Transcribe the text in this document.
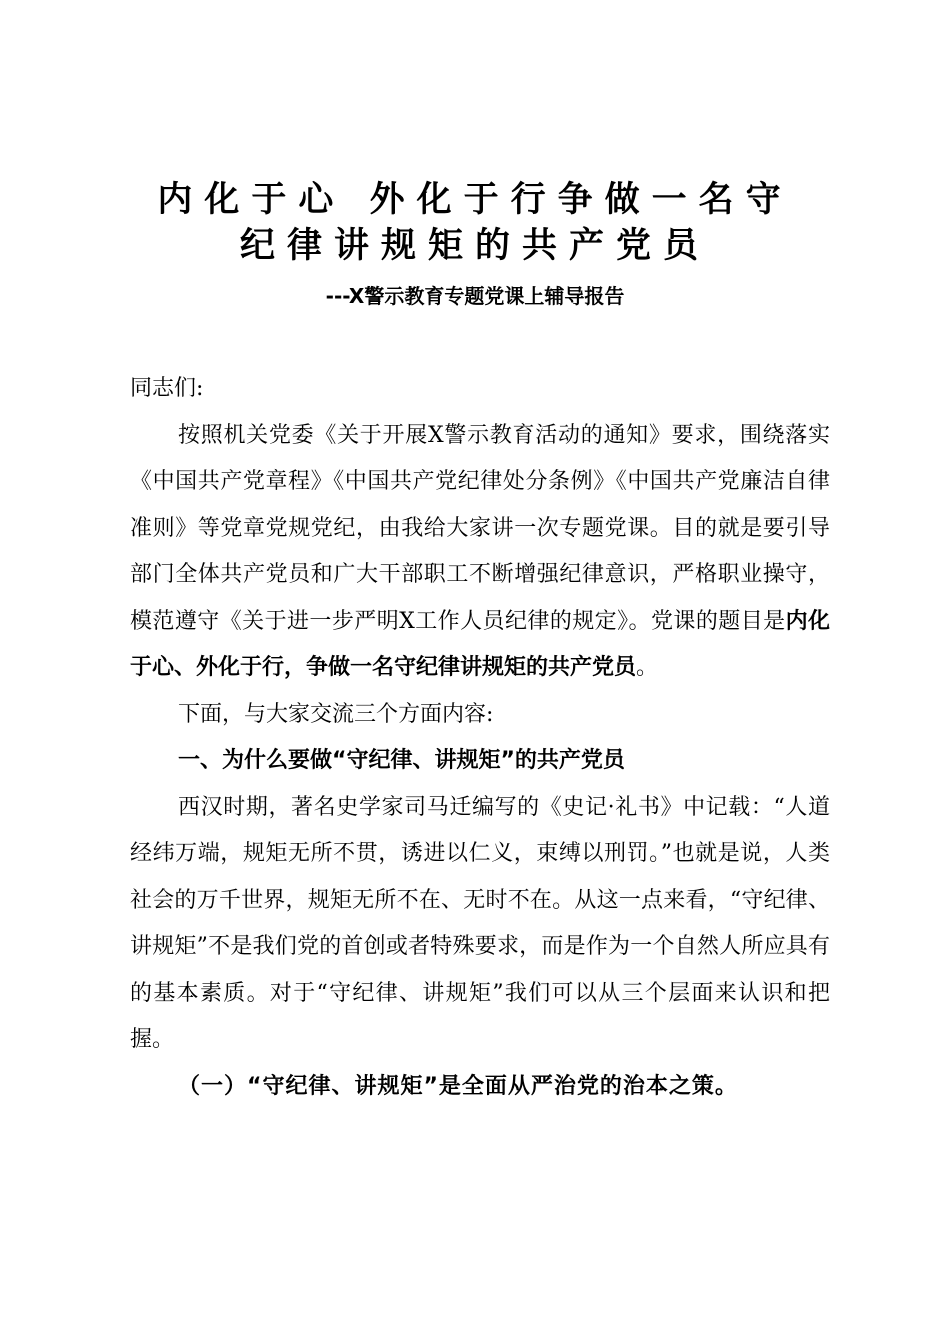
内化于心 外化于行争做一名守
纪律讲规矩的共产党员
---X警示教育专题党课上辅导报告

同志们:

按照机关党委《关于开展X警示教育活动的通知》要求，围绕落实《中国共产党章程》《中国共产党纪律处分条例》《中国共产党廉洁自律准则》等党章党规党纪，由我给大家讲一次专题党课。目的就是要引导部门全体共产党员和广大干部职工不断增强纪律意识，严格职业操守，模范遵守《关于进一步严明X工作人员纪律的规定》。党课的题目是内化于心、外化于行，争做一名守纪律讲规矩的共产党员。

下面，与大家交流三个方面内容:

一、为什么要做“守纪律、讲规矩”的共产党员

西汉时期，著名史学家司马迁编写的《史记·礼书》中记载：“人道经纬万端，规矩无所不贯，诱进以仁义，束缚以刑罚。”也就是说，人类社会的万千世界，规矩无所不在、无时不在。从这一点来看，“守纪律、讲规矩”不是我们党的首创或者特殊要求，而是作为一个自然人所应具有的基本素质。对于“守纪律、讲规矩”我们可以从三个层面来认识和把握。

（一）“守纪律、讲规矩”是全面从严治党的治本之策。
